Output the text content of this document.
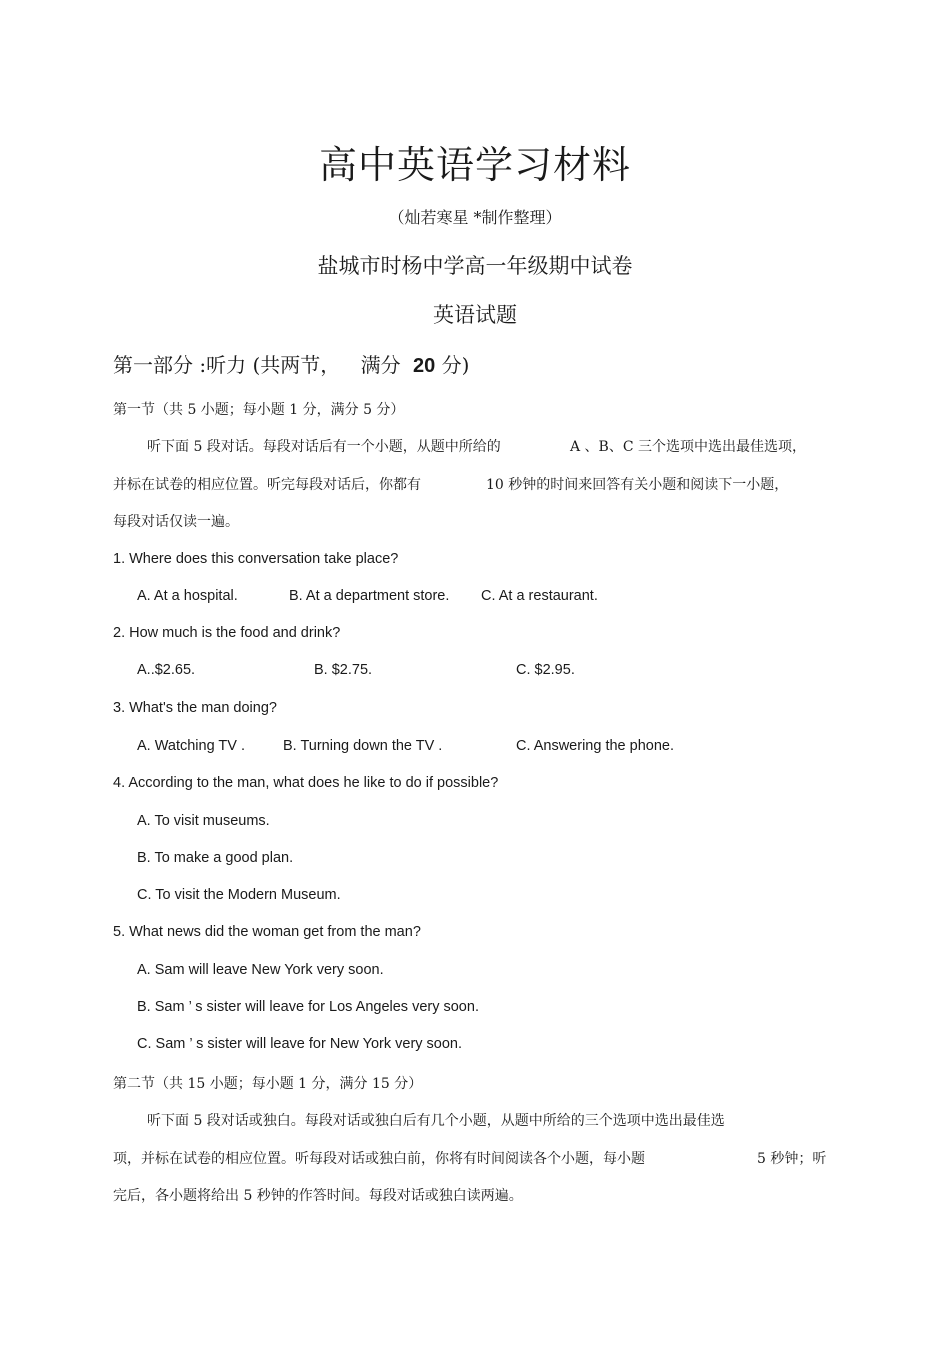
高中英语学习材料
（灿若寒星 *制作整理）
盐城市时杨中学高一年级期中试卷
英语试题
第一部分 :听力 (共两节， 满分 20 分)
第一节（共 5 小题；每小题 1 分，满分 5 分）
听下面 5 段对话。每段对话后有一个小题，从题中所给的	A 、B、C 三个选项中选出最佳选项，
并标在试卷的相应位置。听完每段对话后，你都有	10 秒钟的时间来回答有关小题和阅读下一小题，
每段对话仅读一遍。
1. Where does this conversation take place?
A. At a hospital.	B. At a department store. C. At a restaurant.
2. How much is the food and drink?
A..$2.65.	B. $2.75.	C. $2.95.
3. What's the man doing?
A. Watching TV .	B. Turning down the TV .	C. Answering the phone.
4. According to the man, what does he like to do if possible?
A. To visit museums.
B. To make a good plan.
C. To visit the Modern Museum.
5. What news did the woman get from the man?
A. Sam will leave New York very soon.
B. Sam ’ s sister will leave for Los Angeles very soon.
C. Sam ’ s sister will leave for New York very soon.
第二节（共 15 小题；每小题 1 分，满分 15 分）
听下面 5 段对话或独白。每段对话或独白后有几个小题，从题中所给的三个选项中选出最佳选
项，并标在试卷的相应位置。听每段对话或独白前，你将有时间阅读各个小题，每小题	5 秒钟；听
完后，各小题将给出 5 秒钟的作答时间。每段对话或独白读两遍。
